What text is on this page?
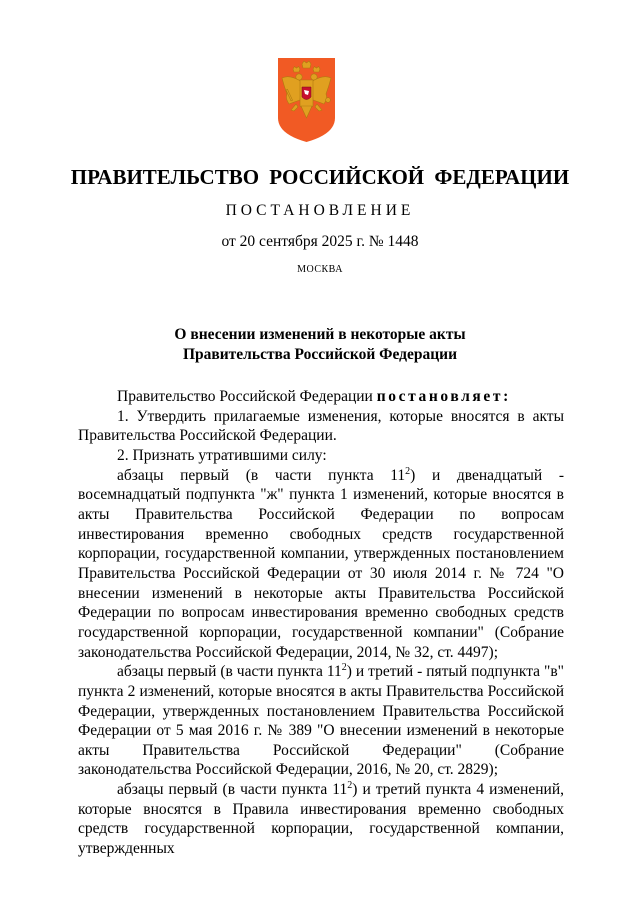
ПРАВИТЕЛЬСТВО РОССИЙСКОЙ ФЕДЕРАЦИИ
ПОСТАНОВЛЕНИЕ
от 20 сентября 2025 г. № 1448
МОСКВА
О внесении изменений в некоторые акты
Правительства Российской Федерации

Правительство Российской Федерации постановляет:

1. Утвердить прилагаемые изменения, которые вносятся в акты Правительства Российской Федерации.

2. Признать утратившими силу:

абзацы первый (в части пункта $11^2$) и двенадцатый - восемнадцатый подпункта "ж" пункта 1 изменений, которые вносятся в акты Правительства Российской Федерации по вопросам инвестирования временно свободных средств государственной корпорации, государственной компании, утвержденных постановлением Правительства Российской Федерации от 30 июля 2014 г. № 724 "О внесении изменений в некоторые акты Правительства Российской Федерации по вопросам инвестирования временно свободных средств государственной корпорации, государственной компании" (Собрание законодательства Российской Федерации, 2014, № 32, ст. 4497);

абзацы первый (в части пункта $11^2$) и третий - пятый подпункта "в" пункта 2 изменений, которые вносятся в акты Правительства Российской Федерации, утвержденных постановлением Правительства Российской Федерации от 5 мая 2016 г. № 389 "О внесении изменений в некоторые акты Правительства Российской Федерации" (Собрание законодательства Российской Федерации, 2016, № 20, ст. 2829);

абзацы первый (в части пункта $11^2$) и третий пункта 4 изменений, которые вносятся в Правила инвестирования временно свободных средств государственной корпорации, государственной компании, утвержденных
